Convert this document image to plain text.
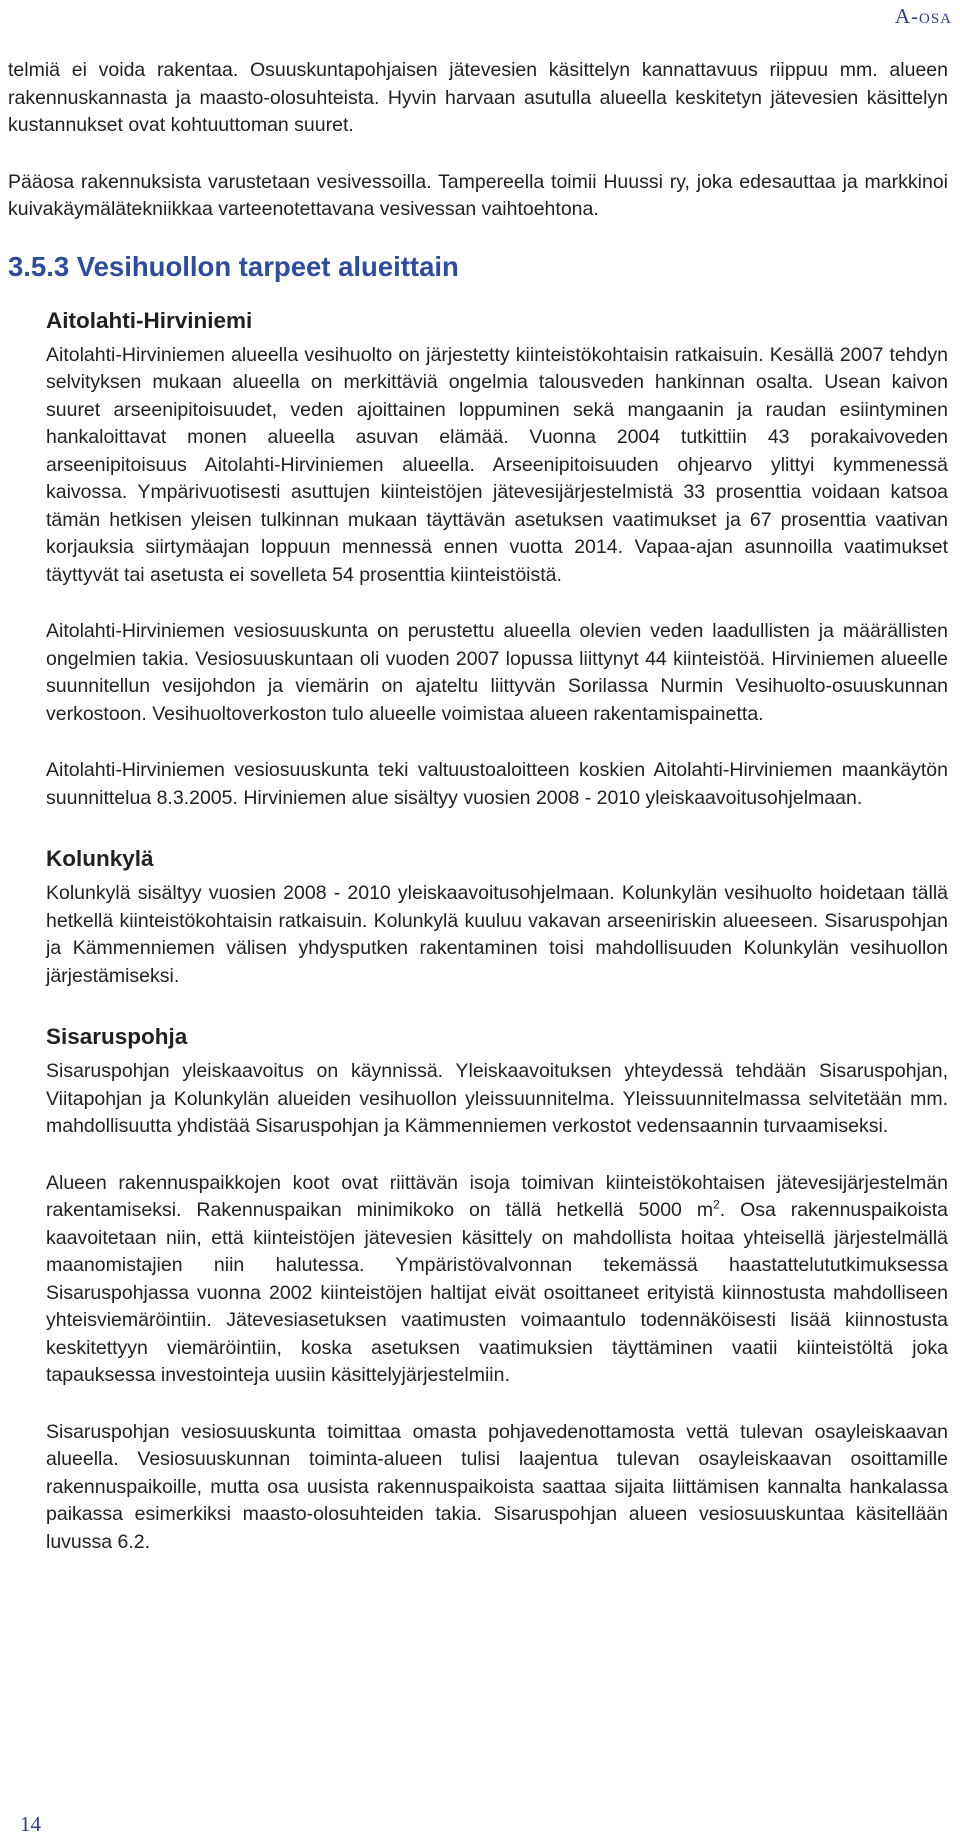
A-osa

telmiä ei voida rakentaa. Osuuskuntapohjaisen jätevesien käsittelyn kannattavuus riippuu mm. alueen rakennuskannasta ja maasto-olosuhteista. Hyvin harvaan asutulla alueella keskitetyn jätevesien käsittelyn kustannukset ovat kohtuuttoman suuret.

Pääosa rakennuksista varustetaan vesivessoilla. Tampereella toimii Huussi ry, joka edesauttaa ja markkinoi kuivakäymälätekniikkaa varteenotettavana vesivessan vaihtoehtona.

3.5.3 Vesihuollon tarpeet alueittain
Aitolahti-Hirviniemi

Aitolahti-Hirviniemen alueella vesihuolto on järjestetty kiinteistökohtaisin ratkaisuin. Kesällä 2007 tehdyn selvityksen mukaan alueella on merkittäviä ongelmia talousveden hankinnan osalta. Usean kaivon suuret arseenipitoisuudet, veden ajoittainen loppuminen sekä mangaanin ja raudan esiintyminen hankaloittavat monen alueella asuvan elämää. Vuonna 2004 tutkittiin 43 porakaivoveden arseenipitoisuus Aitolahti-Hirviniemen alueella. Arseenipitoisuuden ohjearvo ylittyi kymmenessä kaivossa. Ympärivuotisesti asuttujen kiinteistöjen jätevesijärjestelmistä 33 prosenttia voidaan katsoa tämän hetkisen yleisen tulkinnan mukaan täyttävän asetuksen vaatimukset ja 67 prosenttia vaativan korjauksia siirtymäajan loppuun mennessä ennen vuotta 2014. Vapaa-ajan asunnoilla vaatimukset täyttyvät tai asetusta ei sovelleta 54 prosenttia kiinteistöistä.

Aitolahti-Hirviniemen vesiosuuskunta on perustettu alueella olevien veden laadullisten ja määrällisten ongelmien takia. Vesiosuuskuntaan oli vuoden 2007 lopussa liittynyt 44 kiinteistöä. Hirviniemen alueelle suunnitellun vesijohdon ja viemärin on ajateltu liittyvän Sorilassa Nurmin Vesihuolto-osuuskunnan verkostoon. Vesihuoltoverkoston tulo alueelle voimistaa alueen rakentamispainetta.

Aitolahti-Hirviniemen vesiosuuskunta teki valtuustoaloitteen koskien Aitolahti-Hirviniemen maankäytön suunnittelua 8.3.2005. Hirviniemen alue sisältyy vuosien 2008 - 2010 yleiskaavoitusohjelmaan.

Kolunkylä

Kolunkylä sisältyy vuosien 2008 - 2010 yleiskaavoitusohjelmaan. Kolunkylän vesihuolto hoidetaan tällä hetkellä kiinteistökohtaisin ratkaisuin. Kolunkylä kuuluu vakavan arseeniriskin alueeseen. Sisaruspohjan ja Kämmenniemen välisen yhdysputken rakentaminen toisi mahdollisuuden Kolunkylän vesihuollon järjestämiseksi.

Sisaruspohja

Sisaruspohjan yleiskaavoitus on käynnissä. Yleiskaavoituksen yhteydessä tehdään Sisaruspohjan, Viitapohjan ja Kolunkylän alueiden vesihuollon yleissuunnitelma. Yleissuunnitelmassa selvitetään mm. mahdollisuutta yhdistää Sisaruspohjan ja Kämmenniemen verkostot vedensaannin turvaamiseksi.

Alueen rakennuspaikkojen koot ovat riittävän isoja toimivan kiinteistökohtaisen jätevesijärjestelmän rakentamiseksi. Rakennuspaikan minimikoko on tällä hetkellä 5000 $m^2$. Osa rakennuspaikoista kaavoitetaan niin, että kiinteistöjen jätevesien käsittely on mahdollista hoitaa yhteisellä järjestelmällä maanomistajien niin halutessa. Ympäristövalvonnan tekemässä haastattelututkimuksessa Sisaruspohjassa vuonna 2002 kiinteistöjen haltijat eivät osoittaneet erityistä kiinnostusta mahdolliseen yhteisviemäröintiin. Jätevesiasetuksen vaatimusten voimaantulo todennäköisesti lisää kiinnostusta keskitettyyn viemäröintiin, koska asetuksen vaatimuksien täyttäminen vaatii kiinteistöltä joka tapauksessa investointeja uusiin käsittelyjärjestelmiin.

Sisaruspohjan vesiosuuskunta toimittaa omasta pohjavedenottamosta vettä tulevan osayleiskaavan alueella. Vesiosuuskunnan toiminta-alueen tulisi laajentua tulevan osayleiskaavan osoittamille rakennuspaikoille, mutta osa uusista rakennuspaikoista saattaa sijaita liittämisen kannalta hankalassa paikassa esimerkiksi maasto-olosuhteiden takia. Sisaruspohjan alueen vesiosuuskuntaa käsitellään luvussa 6.2.

14
